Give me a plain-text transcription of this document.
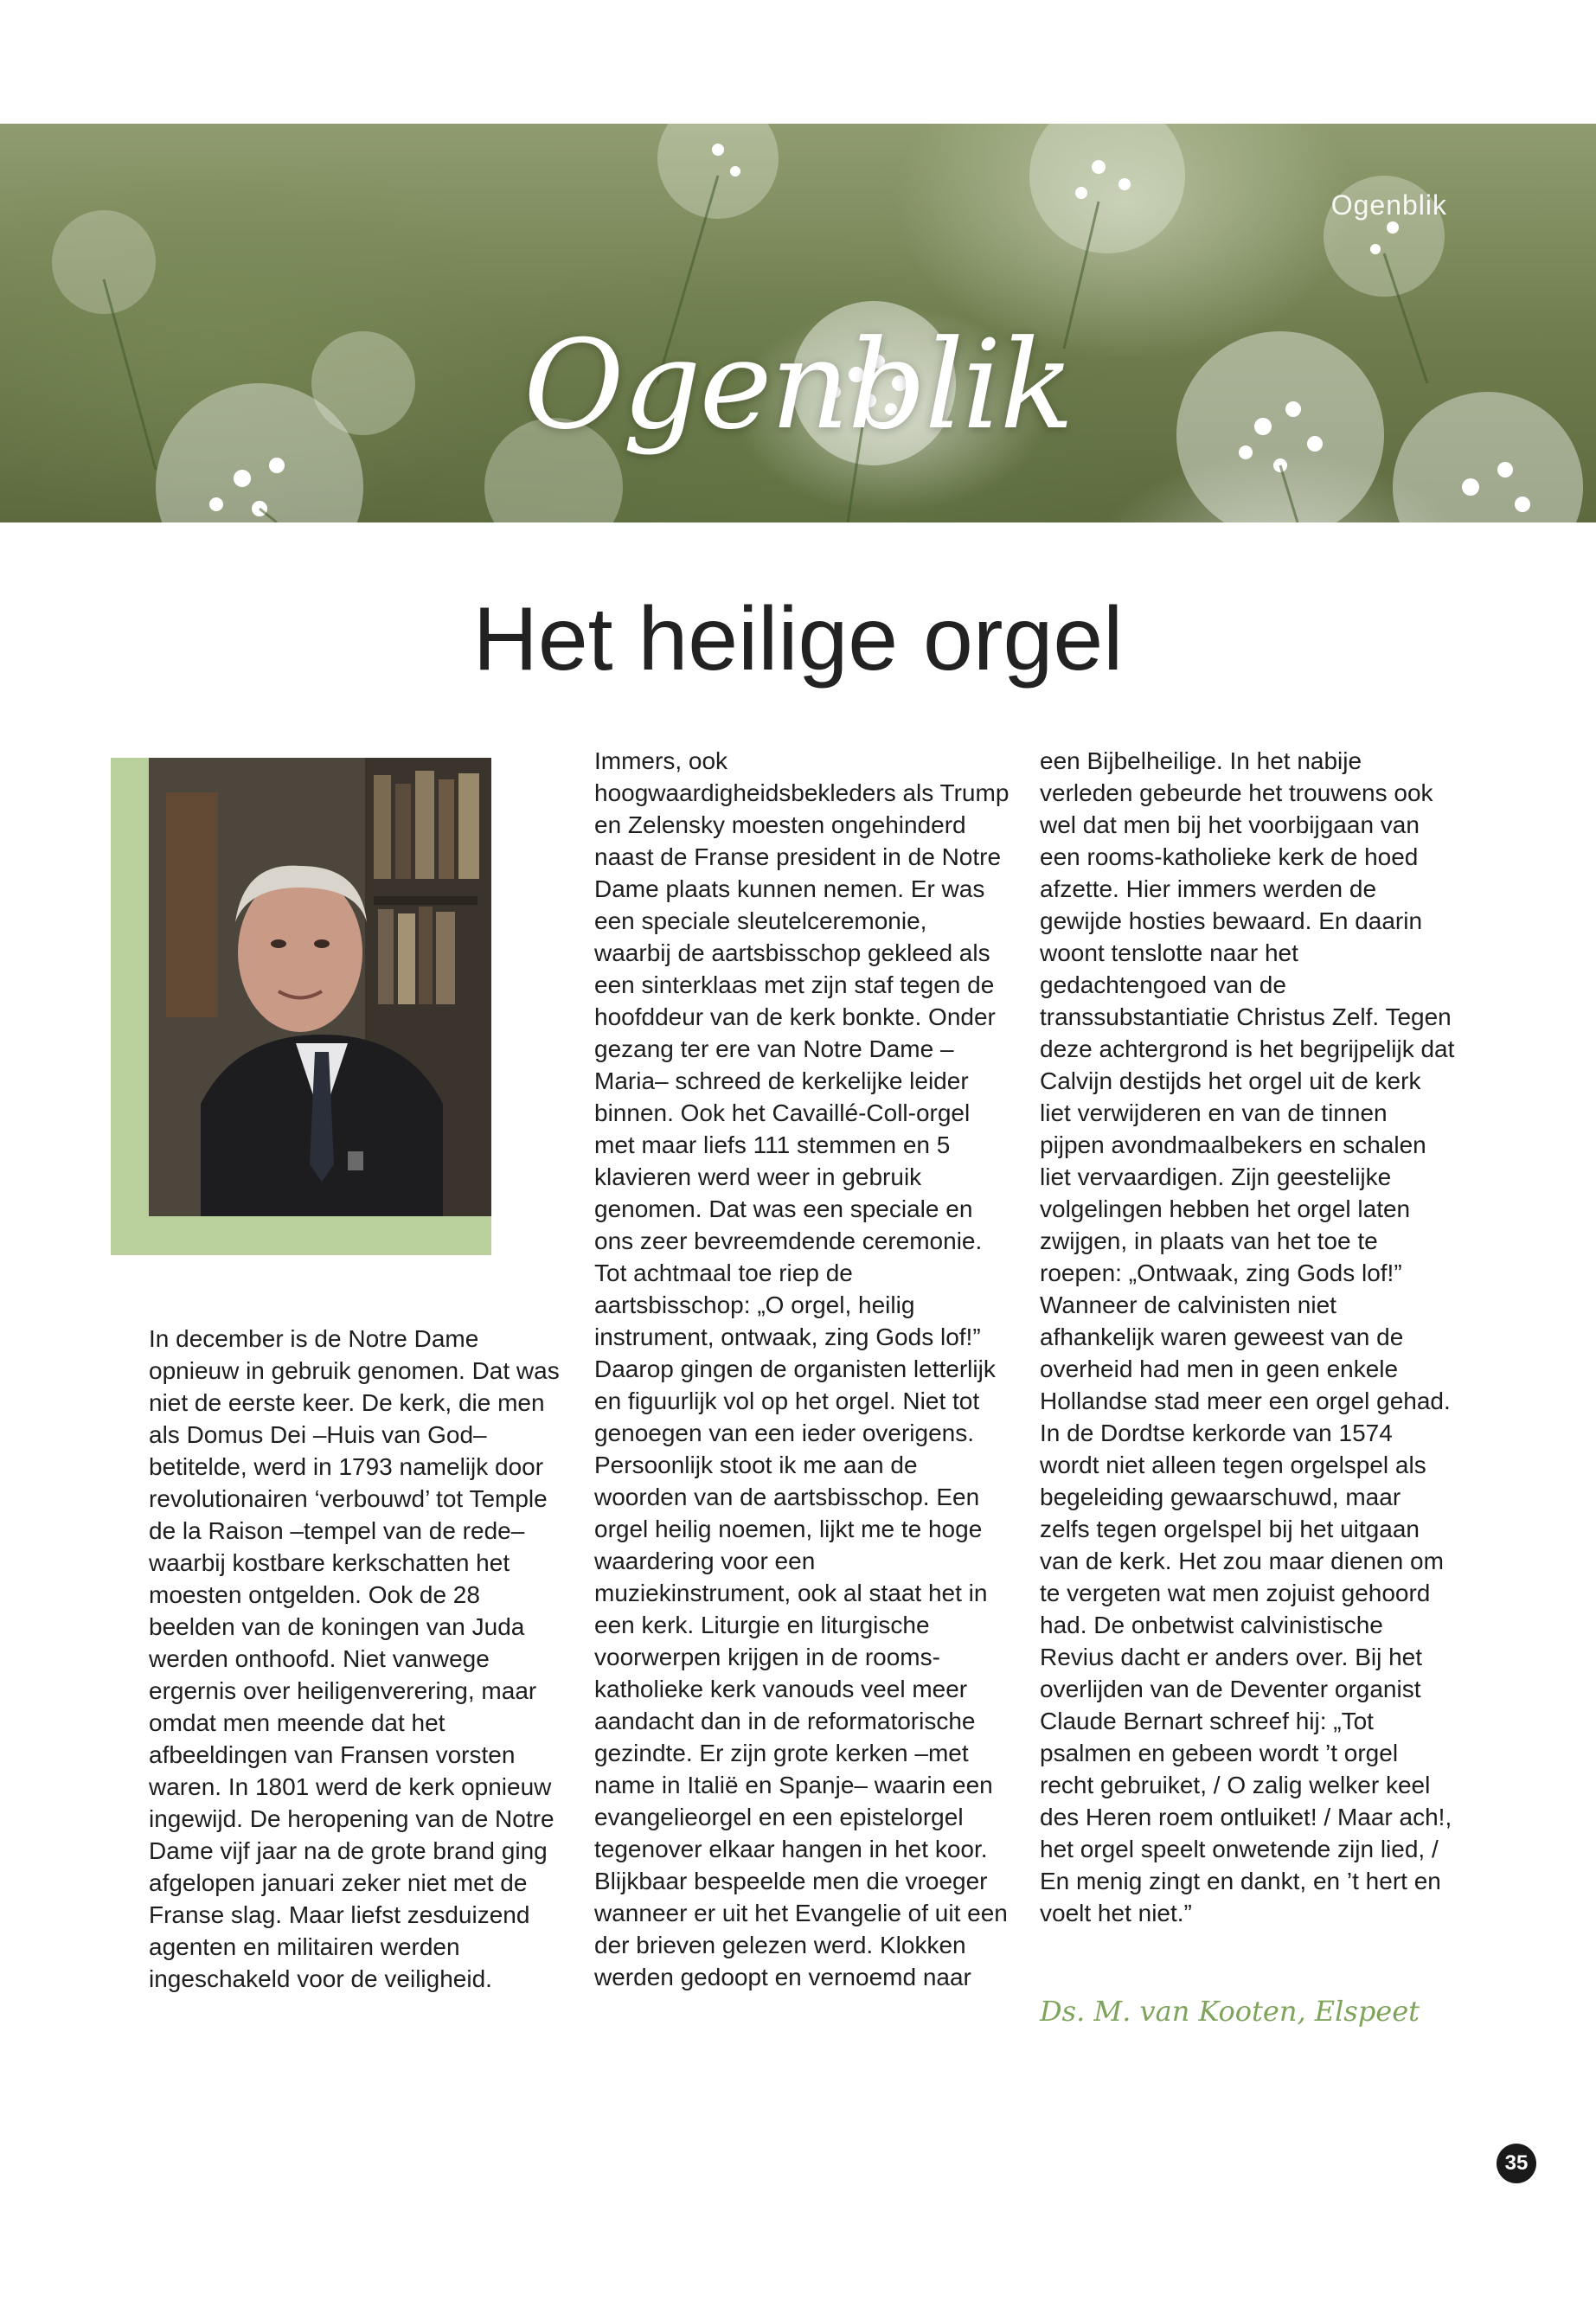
Ogenblik
Ogenblik
Het heilige orgel

In december is de Notre Dame opnieuw in gebruik genomen. Dat was niet de eerste keer. De kerk, die men als Domus Dei –Huis van God– betitelde, werd in 1793 namelijk door revolutionairen ‘verbouwd’ tot Temple de la Raison –tempel van de rede– waarbij kostbare kerkschatten het moesten ontgelden. Ook de 28 beelden van de koningen van Juda werden onthoofd. Niet vanwege ergernis over heiligenverering, maar omdat men meende dat het afbeeldingen van Fransen vorsten waren. In 1801 werd de kerk opnieuw ingewijd. De heropening van de Notre Dame vijf jaar na de grote brand ging afgelopen januari zeker niet met de Franse slag. Maar liefst zesduizend agenten en militairen werden ingeschakeld voor de veiligheid.

Immers, ook hoogwaardigheidsbekleders als Trump en Zelensky moesten ongehinderd naast de Franse president in de Notre Dame plaats kunnen nemen. Er was een speciale sleutelceremonie, waarbij de aartsbisschop gekleed als een sinterklaas met zijn staf tegen de hoofddeur van de kerk bonkte. Onder gezang ter ere van Notre Dame –Maria– schreed de kerkelijke leider binnen. Ook het Cavaillé-Coll-orgel met maar liefs 111 stemmen en 5 klavieren werd weer in gebruik genomen. Dat was een speciale en ons zeer bevreemdende ceremonie. Tot achtmaal toe riep de aartsbisschop: „O orgel, heilig instrument, ontwaak, zing Gods lof!” Daarop gingen de organisten letterlijk en figuurlijk vol op het orgel. Niet tot genoegen van een ieder overigens. Persoonlijk stoot ik me aan de woorden van de aartsbisschop. Een orgel heilig noemen, lijkt me te hoge waardering voor een muziekinstrument, ook al staat het in een kerk. Liturgie en liturgische voorwerpen krijgen in de rooms-katholieke kerk vanouds veel meer aandacht dan in de reformatorische gezindte. Er zijn grote kerken –met name in Italië en Spanje– waarin een evangelieorgel en een epistelorgel tegenover elkaar hangen in het koor. Blijkbaar bespeelde men die vroeger wanneer er uit het Evangelie of uit een der brieven gelezen werd. Klokken werden gedoopt en vernoemd naar

een Bijbelheilige. In het nabije verleden gebeurde het trouwens ook wel dat men bij het voorbijgaan van een rooms-katholieke kerk de hoed afzette. Hier immers werden de gewijde hosties bewaard. En daarin woont tenslotte naar het gedachtengoed van de transsubstantiatie Christus Zelf. Tegen deze achtergrond is het begrijpelijk dat Calvijn destijds het orgel uit de kerk liet verwijderen en van de tinnen pijpen avondmaalbekers en schalen liet vervaardigen. Zijn geestelijke volgelingen hebben het orgel laten zwijgen, in plaats van het toe te roepen: „Ontwaak, zing Gods lof!” Wanneer de calvinisten niet afhankelijk waren geweest van de overheid had men in geen enkele Hollandse stad meer een orgel gehad. In de Dordtse kerkorde van 1574 wordt niet alleen tegen orgelspel als begeleiding gewaarschuwd, maar zelfs tegen orgelspel bij het uitgaan van de kerk. Het zou maar dienen om te vergeten wat men zojuist gehoord had. De onbetwist calvinistische Revius dacht er anders over. Bij het overlijden van de Deventer organist Claude Bernart schreef hij: „Tot psalmen en gebeen wordt ’t orgel recht gebruiket, / O zalig welker keel des Heren roem ontluiket! / Maar ach!, het orgel speelt onwetende zijn lied, / En menig zingt en dankt, en ’t hert en voelt het niet.”

Ds. M. van Kooten, Elspeet
35
